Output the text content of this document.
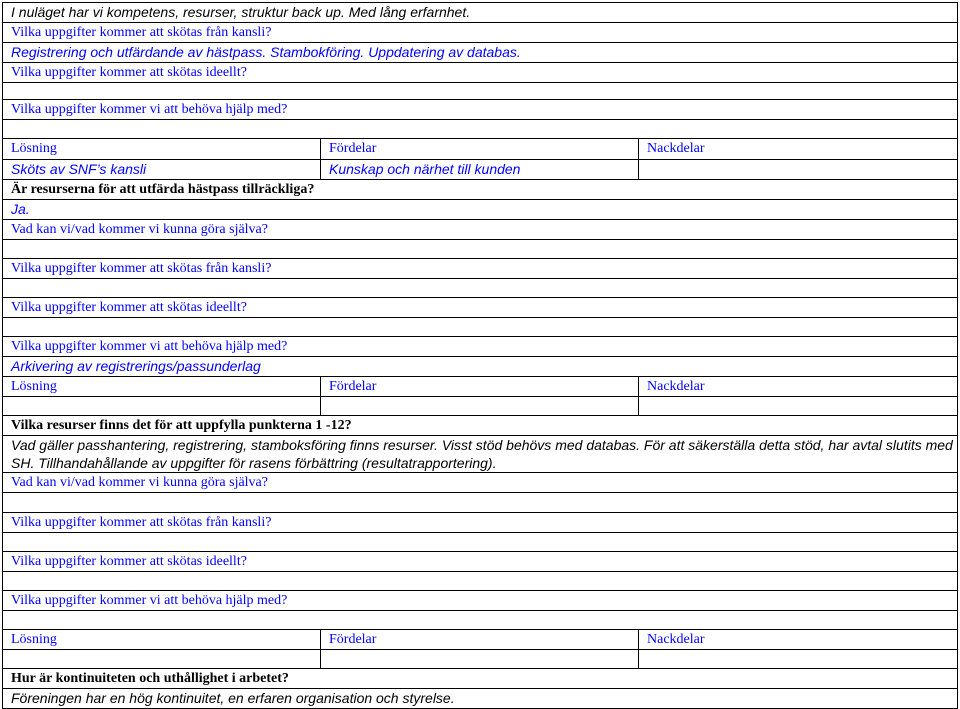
I nuläget har vi kompetens, resurser, struktur back up. Med lång erfarnhet.		
Vilka uppgifter kommer att skötas från kansli?		
Registrering och utfärdande av hästpass. Stambokföring. Uppdatering av databas.		
Vilka uppgifter kommer att skötas ideellt?		

Vilka uppgifter kommer vi att behöva hjälp med?		

Lösning	Fördelar	Nackdelar
Sköts av SNF’s kansli	Kunskap och närhet till kunden	
Är resurserna för att utfärda hästpass tillräckliga?		
Ja.		
Vad kan vi/vad kommer vi kunna göra själva?		

Vilka uppgifter kommer att skötas från kansli?		

Vilka uppgifter kommer att skötas ideellt?		

Vilka uppgifter kommer vi att behöva hjälp med?		
Arkivering av registrerings/passunderlag		
Lösning	Fördelar	Nackdelar

Vilka resurser finns det för att uppfylla punkterna 1 -12?		
Vad gäller passhantering, registrering, stamboksföring finns resurser. Visst stöd behövs med databas. För att säkerställa detta stöd, har avtal slutits med SH. Tillhandahållande av uppgifter för rasens förbättring (resultatrapportering).		
Vad kan vi/vad kommer vi kunna göra själva?		

Vilka uppgifter kommer att skötas från kansli?		

Vilka uppgifter kommer att skötas ideellt?		

Vilka uppgifter kommer vi att behöva hjälp med?		

Lösning	Fördelar	Nackdelar

Hur är kontinuiteten och uthållighet i arbetet?		
Föreningen har en hög kontinuitet, en erfaren organisation och styrelse.		
